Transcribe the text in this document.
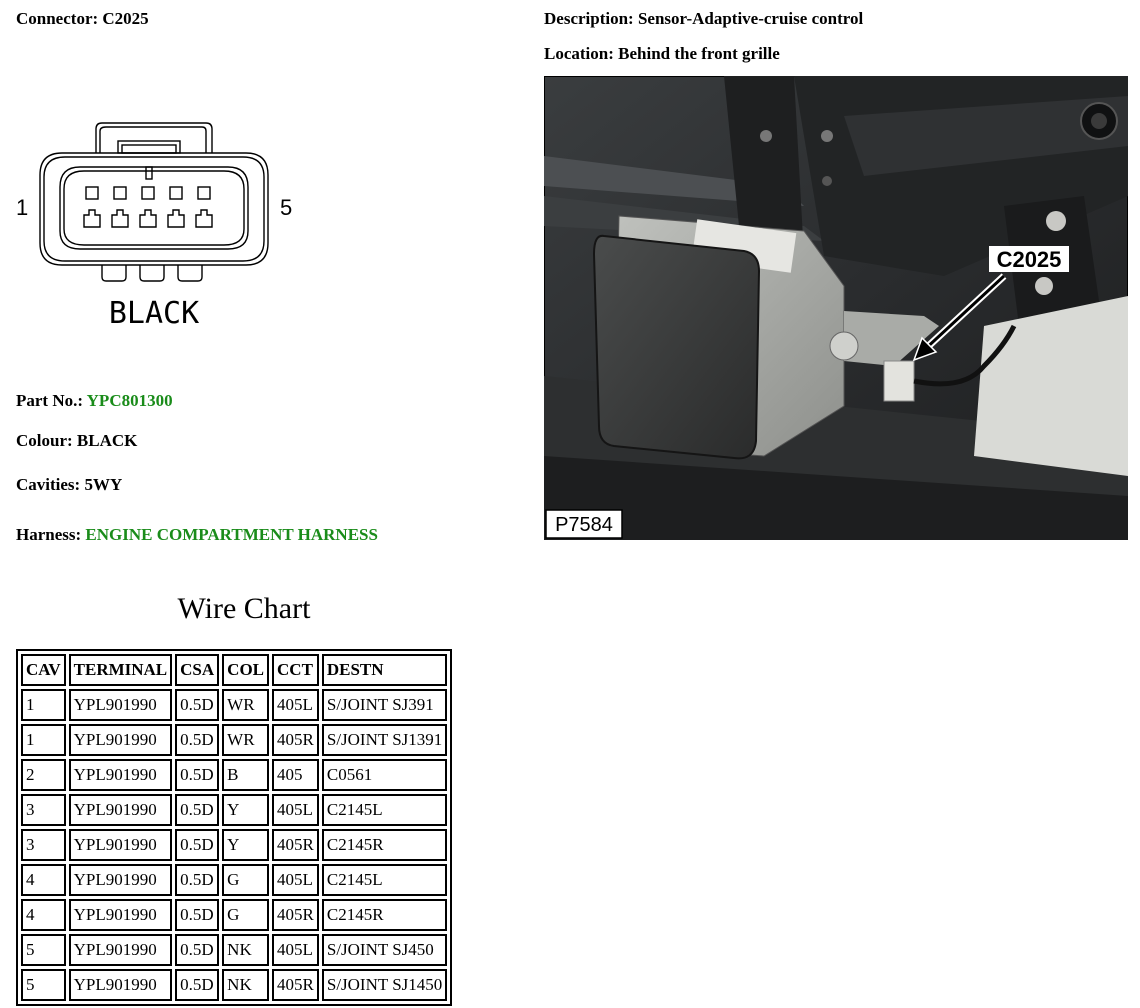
Connector: C2025	Description: Sensor-Adaptive-cruise control
Location: Behind the front grille
1	5
BLACK
Part No.: YPC801300
Colour: BLACK
Cavities: 5WY
Harness: ENGINE COMPARTMENT HARNESS
Wire Chart
CAV	TERMINAL	CSA	COL	CCT	DESTN
1	YPL901990	0.5D	WR	405L	S/JOINT SJ391
1	YPL901990	0.5D	WR	405R	S/JOINT SJ1391
2	YPL901990	0.5D	B	405	C0561
3	YPL901990	0.5D	Y	405L	C2145L
3	YPL901990	0.5D	Y	405R	C2145R
4	YPL901990	0.5D	G	405L	C2145L
4	YPL901990	0.5D	G	405R	C2145R
5	YPL901990	0.5D	NK	405L	S/JOINT SJ450
5	YPL901990	0.5D	NK	405R	S/JOINT SJ1450
C2025
P7584
